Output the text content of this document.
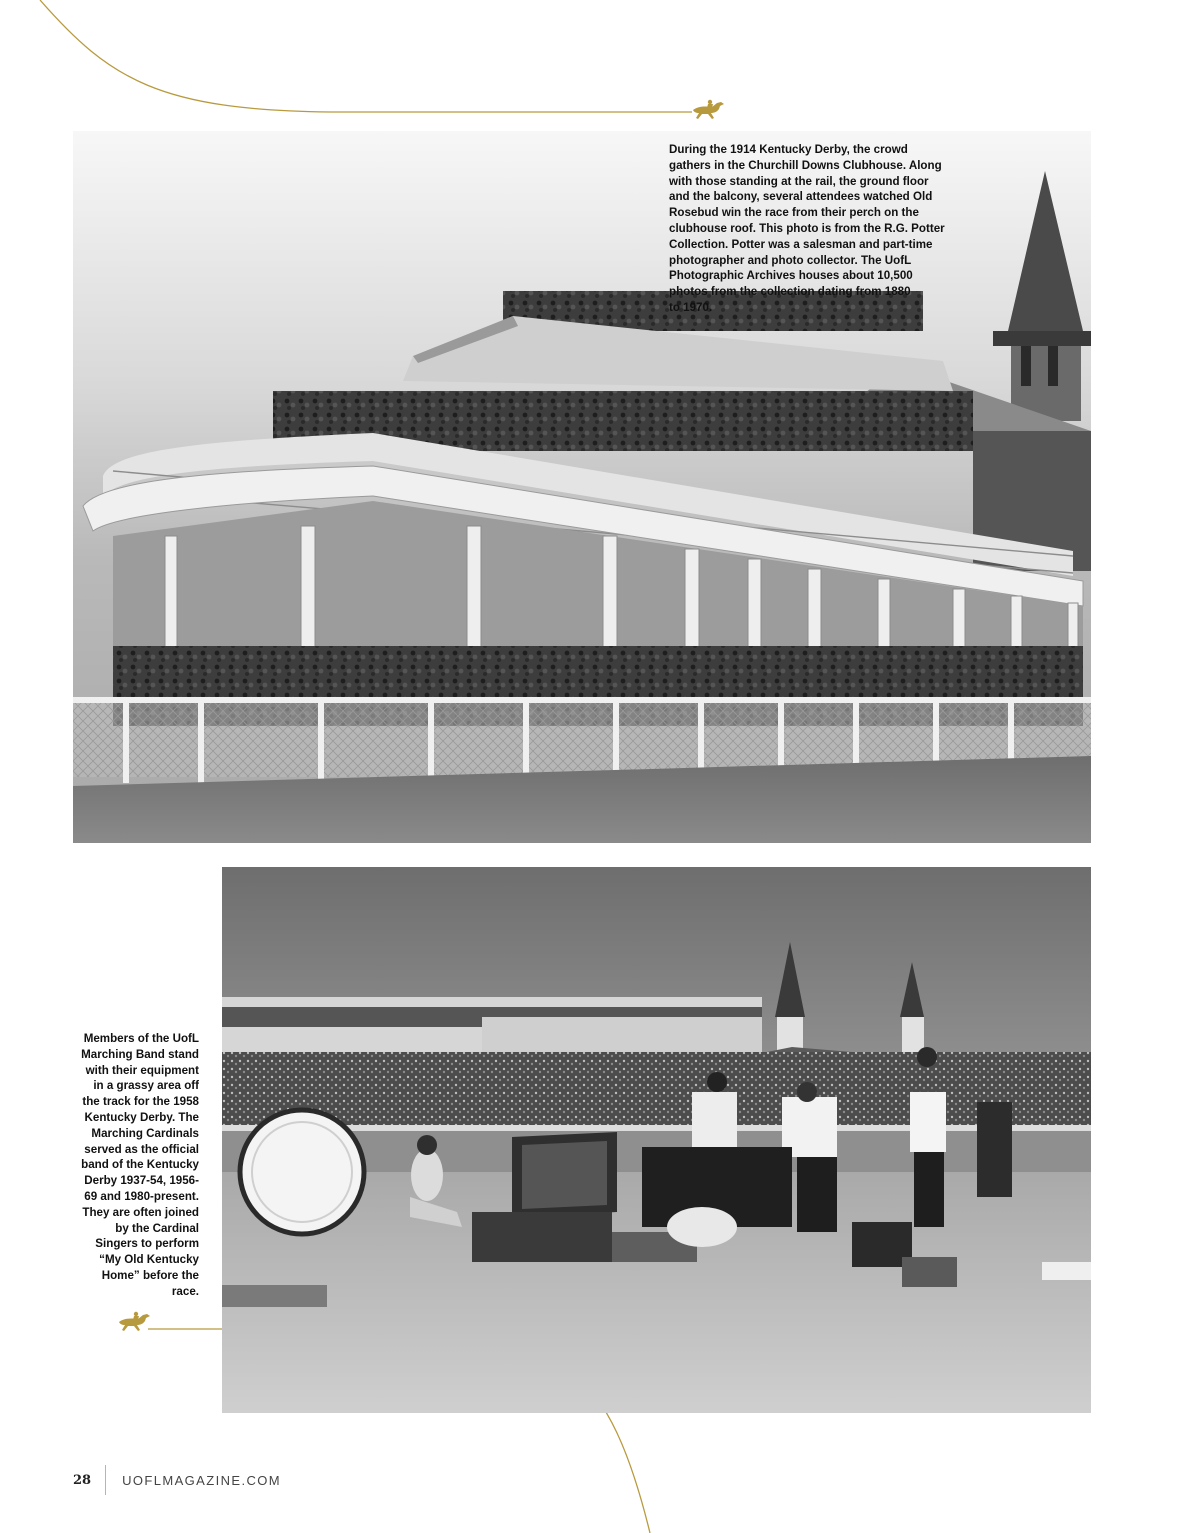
During the 1914 Kentucky Derby, the crowd
gathers in the Churchill Downs Clubhouse. Along
with those standing at the rail, the ground floor
and the balcony, several attendees watched Old
Rosebud win the race from their perch on the
clubhouse roof. This photo is from the R.G. Potter
Collection. Potter was a salesman and part-time
photographer and photo collector. The UofL
Photographic Archives houses about 10,500
photos from the collection dating from 1880
to 1970.

Members of the UofL
Marching Band stand
with their equipment
in a grassy area off
the track for the 1958
Kentucky Derby. The
Marching Cardinals
served as the official
band of the Kentucky
Derby 1937-54, 1956-
69 and 1980-present.
They are often joined
by the Cardinal
Singers to perform
“My Old Kentucky
Home” before the
race.

28 UOFLMAGAZINE.COM
